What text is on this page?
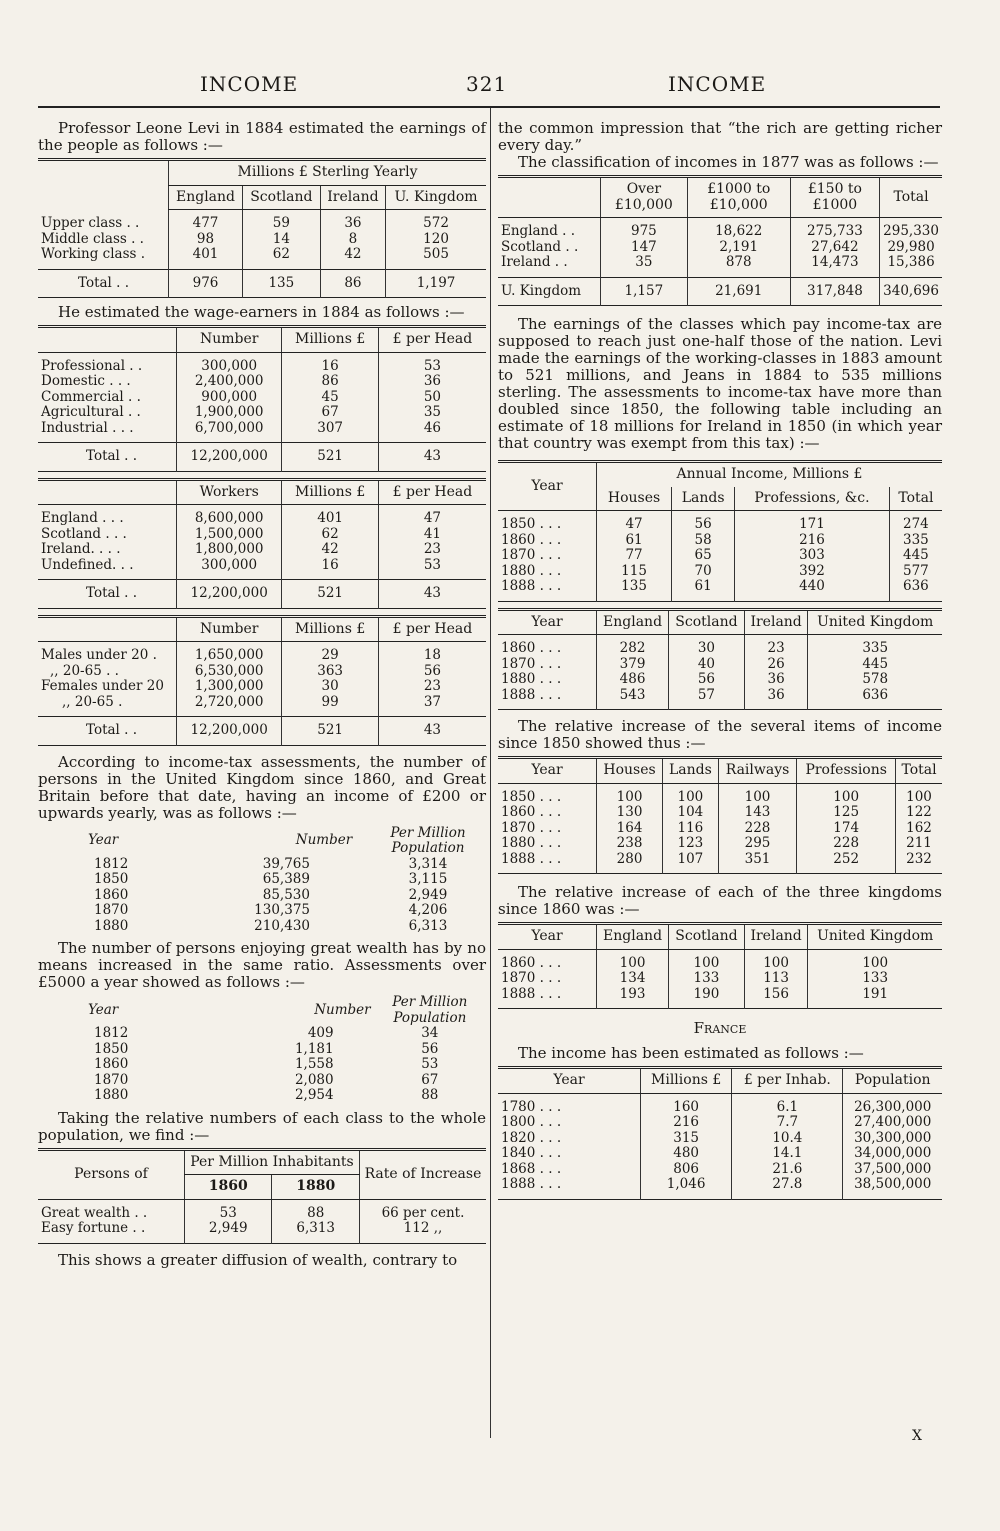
INCOME	321	INCOME

Professor Leone Levi in 1884 estimated the earnings of the people as follows :—

	Millions £ Sterling Yearly			
	England	Scotland	Ireland	U. Kingdom
Upper class . .	477	59	36	572
Middle class . .	98	14	8	120
Working class .	401	62	42	505
Total . .	976	135	86	1,197

He estimated the wage-earners in 1884 as follows :—

	Number	Millions £	£ per Head
Professional . .	300,000	16	53
Domestic . . .	2,400,000	86	36
Commercial . .	900,000	45	50
Agricultural . .	1,900,000	67	35
Industrial . . .	6,700,000	307	46
Total . .	12,200,000	521	43
	Workers	Millions £	£ per Head
England . . .	8,600,000	401	47
Scotland . . .	1,500,000	62	41
Ireland. . . .	1,800,000	42	23
Undefined. . .	300,000	16	53
Total . .	12,200,000	521	43
	Number	Millions £	£ per Head
Males under 20 .	1,650,000	29	18
,, 20-65 . .	6,530,000	363	56
Females under 20	1,300,000	30	23
,, 20-65 .	2,720,000	99	37
Total . .	12,200,000	521	43

According to income-tax assessments, the number of persons in the United Kingdom since 1860, and Great Britain before that date, having an income of £200 or upwards yearly, was as follows :—

Year	Number	Per Million Population
1812	39,765	3,314
1850	65,389	3,115
1860	85,530	2,949
1870	130,375	4,206
1880	210,430	6,313

The number of persons enjoying great wealth has by no means increased in the same ratio. Assessments over £5000 a year showed as follows :—

Year	Number	Per Million Population
1812	409	34
1850	1,181	56
1860	1,558	53
1870	2,080	67
1880	2,954	88

Taking the relative numbers of each class to the whole population, we find :—

Persons of	Per Million Inhabitants		Rate of Increase
	1860	1880	
Great wealth . .	53	88	66 per cent.
Easy fortune . .	2,949	6,313	112 ,,

This shows a greater diffusion of wealth, contrary to

the common impression that “the rich are getting richer every day.”

The classification of incomes in 1877 was as follows :—

	Over £10,000	£1000 to £10,000	£150 to £1000	Total
England . .	975	18,622	275,733	295,330
Scotland . .	147	2,191	27,642	29,980
Ireland . .	35	878	14,473	15,386
U. Kingdom	1,157	21,691	317,848	340,696

The earnings of the classes which pay income-tax are supposed to reach just one-half those of the nation. Levi made the earnings of the working-classes in 1883 amount to 521 millions, and Jeans in 1884 to 535 millions sterling. The assessments to income-tax have more than doubled since 1850, the following table including an estimate of 18 millions for Ireland in 1850 (in which year that country was exempt from this tax) :—

Year	Annual Income, Millions £			
	Houses	Lands	Professions, &c.	Total
1850 . . .	47	56	171	274
1860 . . .	61	58	216	335
1870 . . .	77	65	303	445
1880 . . .	115	70	392	577
1888 . . .	135	61	440	636
Year	England	Scotland	Ireland	United Kingdom
1860 . . .	282	30	23	335
1870 . . .	379	40	26	445
1880 . . .	486	56	36	578
1888 . . .	543	57	36	636

The relative increase of the several items of income since 1850 showed thus :—

Year	Houses	Lands	Railways	Professions	Total
1850 . . .	100	100	100	100	100
1860 . . .	130	104	143	125	122
1870 . . .	164	116	228	174	162
1880 . . .	238	123	295	228	211
1888 . . .	280	107	351	252	232

The relative increase of each of the three kingdoms since 1860 was :—

Year	England	Scotland	Ireland	United Kingdom
1860 . . .	100	100	100	100
1870 . . .	134	133	113	133
1888 . . .	193	190	156	191
France

The income has been estimated as follows :—

Year	Millions £	£ per Inhab.	Population
1780 . . .	160	6.1	26,300,000
1800 . . .	216	7.7	27,400,000
1820 . . .	315	10.4	30,300,000
1840 . . .	480	14.1	34,000,000
1868 . . .	806	21.6	37,500,000
1888 . . .	1,046	27.8	38,500,000
X
